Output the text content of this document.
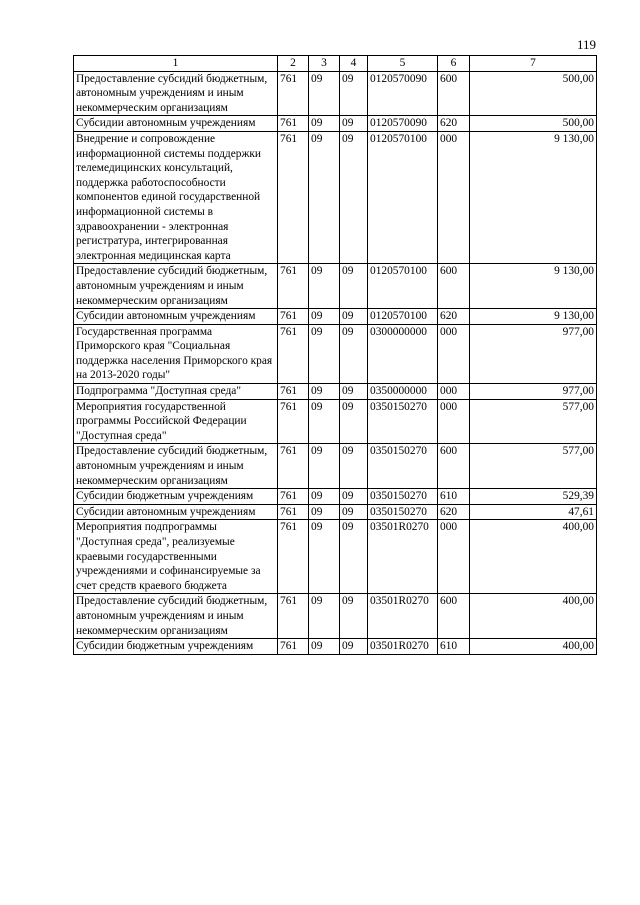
119
1	2	3	4	5	6	7
Предоставление субсидий бюджетным, автономным учреждениям и иным некоммерческим организациям	761	09	09	0120570090	600	500,00
Субсидии автономным учреждениям	761	09	09	0120570090	620	500,00
Внедрение и сопровождение информационной системы поддержки телемедицинских консультаций, поддержка работоспособности компонентов единой государственной информационной системы в здравоохранении - электронная регистратура, интегрированная электронная медицинская карта	761	09	09	0120570100	000	9 130,00
Предоставление субсидий бюджетным, автономным учреждениям и иным некоммерческим организациям	761	09	09	0120570100	600	9 130,00
Субсидии автономным учреждениям	761	09	09	0120570100	620	9 130,00
Государственная программа Приморского края "Социальная поддержка населения Приморского края на 2013-2020 годы"	761	09	09	0300000000	000	977,00
Подпрограмма "Доступная среда"	761	09	09	0350000000	000	977,00
Мероприятия государственной программы Российской Федерации "Доступная среда"	761	09	09	0350150270	000	577,00
Предоставление субсидий бюджетным, автономным учреждениям и иным некоммерческим организациям	761	09	09	0350150270	600	577,00
Субсидии бюджетным учреждениям	761	09	09	0350150270	610	529,39
Субсидии автономным учреждениям	761	09	09	0350150270	620	47,61
Мероприятия подпрограммы "Доступная среда", реализуемые краевыми государственными учреждениями и софинансируемые за счет средств краевого бюджета	761	09	09	03501R0270	000	400,00
Предоставление субсидий бюджетным, автономным учреждениям и иным некоммерческим организациям	761	09	09	03501R0270	600	400,00
Субсидии бюджетным учреждениям	761	09	09	03501R0270	610	400,00
